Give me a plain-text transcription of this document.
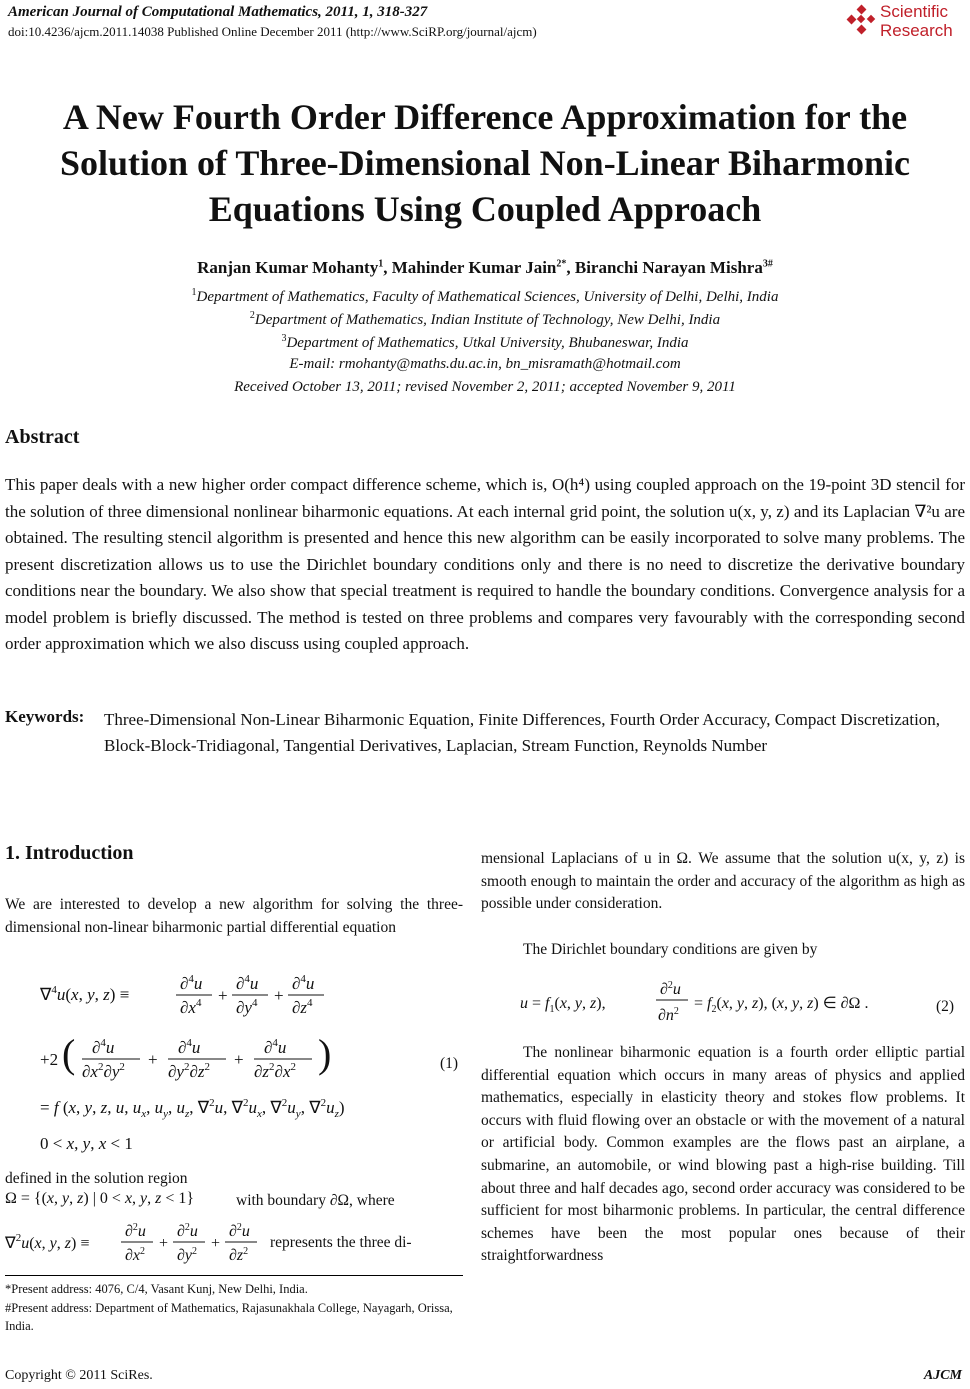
American Journal of Computational Mathematics, 2011, 1, 318-327
doi:10.4236/ajcm.2011.14038 Published Online December 2011 (http://www.SciRP.org/journal/ajcm)
Scientific
Research
A New Fourth Order Difference Approximation for the
Solution of Three-Dimensional Non-Linear Biharmonic
Equations Using Coupled Approach
Ranjan Kumar Mohanty$^1$, Mahinder Kumar Jain$^{2*}$, Biranchi Narayan Mishra$^{3\#}$
$^1$Department of Mathematics, Faculty of Mathematical Sciences, University of Delhi, Delhi, India
$^2$Department of Mathematics, Indian Institute of Technology, New Delhi, India
$^3$Department of Mathematics, Utkal University, Bhubaneswar, India
E-mail: rmohanty@maths.du.ac.in, bn_misramath@hotmail.com
Received October 13, 2011; revised November 2, 2011; accepted November 9, 2011
Abstract
This paper deals with a new higher order compact difference scheme, which is, O(h⁴) using coupled approach on the 19-point 3D stencil for the solution of three dimensional nonlinear biharmonic equations. At each internal grid point, the solution u(x, y, z) and its Laplacian ∇²u are obtained. The resulting stencil algorithm is presented and hence this new algorithm can be easily incorporated to solve many problems. The present discretization allows us to use the Dirichlet boundary conditions only and there is no need to discretize the derivative boundary conditions near the boundary. We also show that special treatment is required to handle the boundary conditions. Convergence analysis for a model problem is briefly discussed. The method is tested on three problems and compares very favourably with the corresponding second order approximation which we also discuss using coupled approach.
Keywords: Three-Dimensional Non-Linear Biharmonic Equation, Finite Differences, Fourth Order Accuracy, Compact Discretization, Block-Block-Tridiagonal, Tangential Derivatives, Laplacian, Stream Function, Reynolds Number
1. Introduction
We are interested to develop a new algorithm for solving the three-dimensional non-linear biharmonic partial differential equation
∇$^4$u(x, y, z) ≡
∂$^4$u
$\partial x^4$ +
∂$^4$u
$\partial y^4$ +
∂$^4$u
$\partial z^4$
+2 ( ∂$^4$u
$\partial x^2\partial y^2$ +
∂$^4$u
$\partial y^2\partial z^2$ +
∂$^4$u
$\partial z^2\partial x^2$ )
= f (x, y, z, u, $u_x$, $u_y$, $u_z$, ∇$^2$u, $\nabla^2u_x$, $\nabla^2u_y$, $\nabla^2u_z$)
0 < x, y, x < 1
(1)
defined in the solution region
Ω = {(x, y, z) | 0 < x, y, z < 1}	with boundary ∂Ω, where
∇$^2$u(x, y, z) ≡
∂$^2$u
$\partial x^2$ +
∂$^2$u
$\partial y^2$ +
∂$^2$u
$\partial z^2$
represents the three di-
*Present address: 4076, C/4, Vasant Kunj, New Delhi, India.
#Present address: Department of Mathematics, Rajasunakhala College, Nayagarh, Orissa, India.
mensional Laplacians of u in Ω. We assume that the solution u(x, y, z) is smooth enough to maintain the order and accuracy of the algorithm as high as possible under consideration.
The Dirichlet boundary conditions are given by
$u = f_1(x$, y, z),
∂$^2$u
$\partial n^2 = f_2(x$, y, z), (x, y, z) ∈ ∂Ω .	(2)
The nonlinear biharmonic equation is a fourth order elliptic partial differential equation which occurs in many areas of physics and applied mathematics, especially in elasticity theory and stokes flow problems. It occurs with fluid flowing over an obstacle or with the movement of a natural or artificial body. Common examples are the flows past an airplane, a submarine, an automobile, or wind blowing past a high-rise building. Till about three and half decades ago, second order accuracy was considered to be sufficient for most biharmonic problems. In particular, the central difference schemes have been the most popular ones because of their straightforwardness
Copyright © 2011 SciRes.	AJCM
